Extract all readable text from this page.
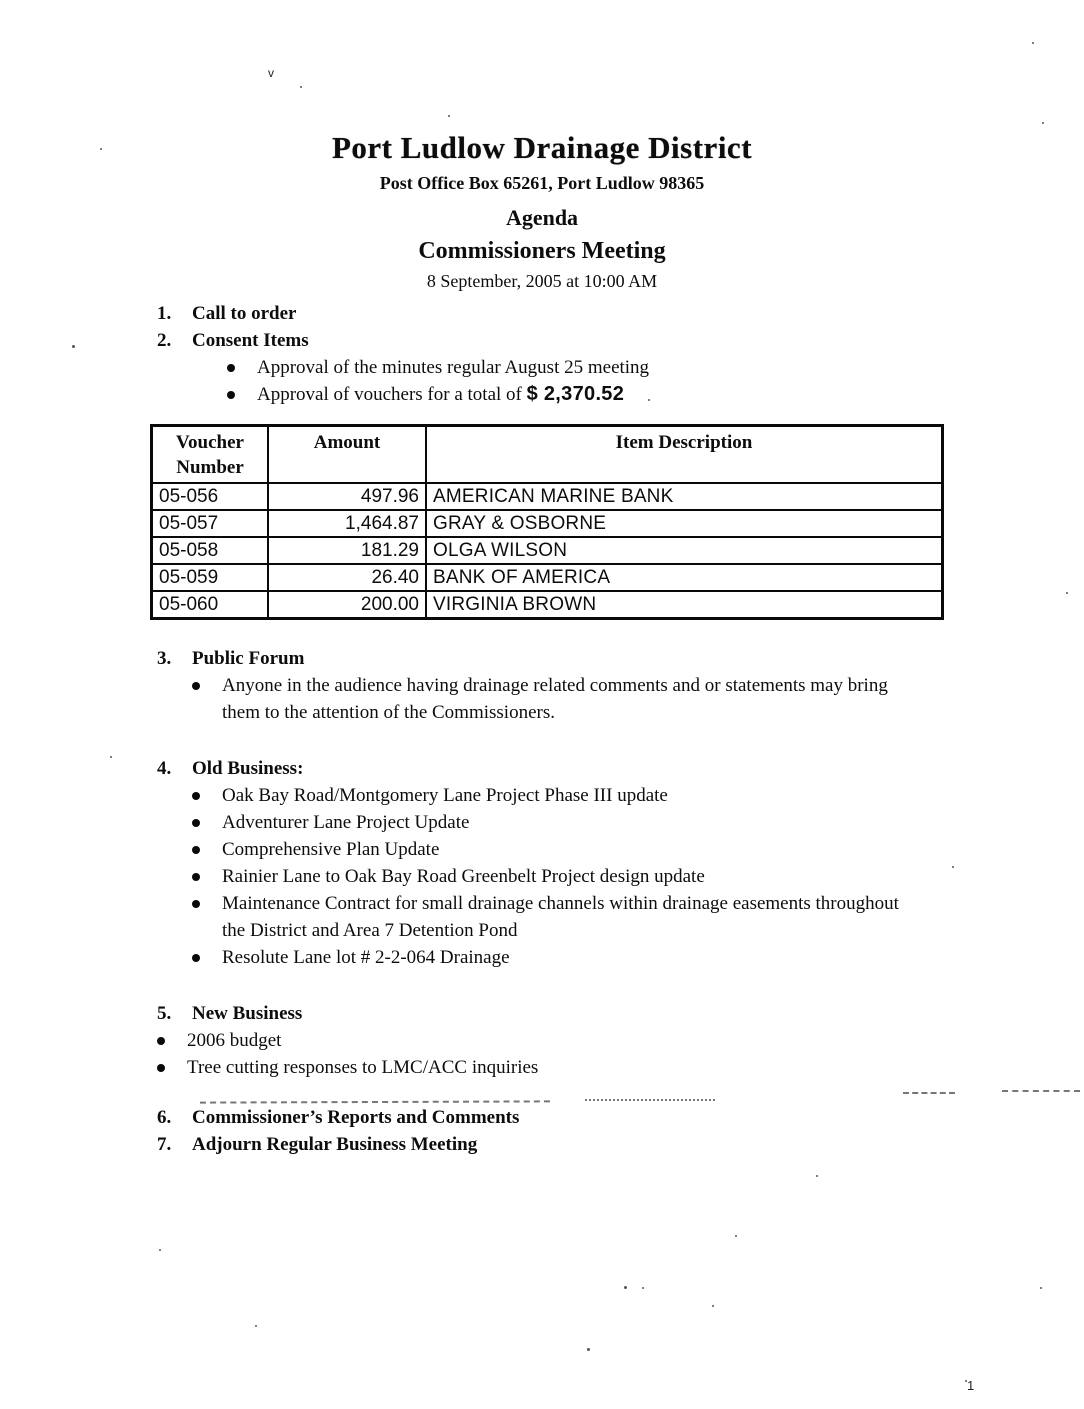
Port Ludlow Drainage District
Post Office Box 65261, Port Ludlow 98365
Agenda
Commissioners Meeting
8 September, 2005 at 10:00 AM
1.	Call to order
2.	Consent Items
Approval of the minutes regular August 25 meeting
Approval of vouchers for a total of $ 2,370.52
Voucher Number	Amount	Item Description
05-056	497.96	AMERICAN MARINE BANK
05-057	1,464.87	GRAY & OSBORNE
05-058	181.29	OLGA WILSON
05-059	26.40	BANK OF AMERICA
05-060	200.00	VIRGINIA BROWN
3.	Public Forum
Anyone in the audience having drainage related comments and or statements may bring them to the attention of the Commissioners.
4.	Old Business:
Oak Bay Road/Montgomery Lane Project Phase III update
Adventurer Lane Project Update
Comprehensive Plan Update
Rainier Lane to Oak Bay Road Greenbelt Project design update
Maintenance Contract for small drainage channels within drainage easements throughout the District and Area 7 Detention Pond
Resolute Lane lot # 2-2-064 Drainage
5.	New Business
2006 budget
Tree cutting responses to LMC/ACC inquiries
6.	Commissioner’s Reports and Comments
7.	Adjourn Regular Business Meeting
v
1
